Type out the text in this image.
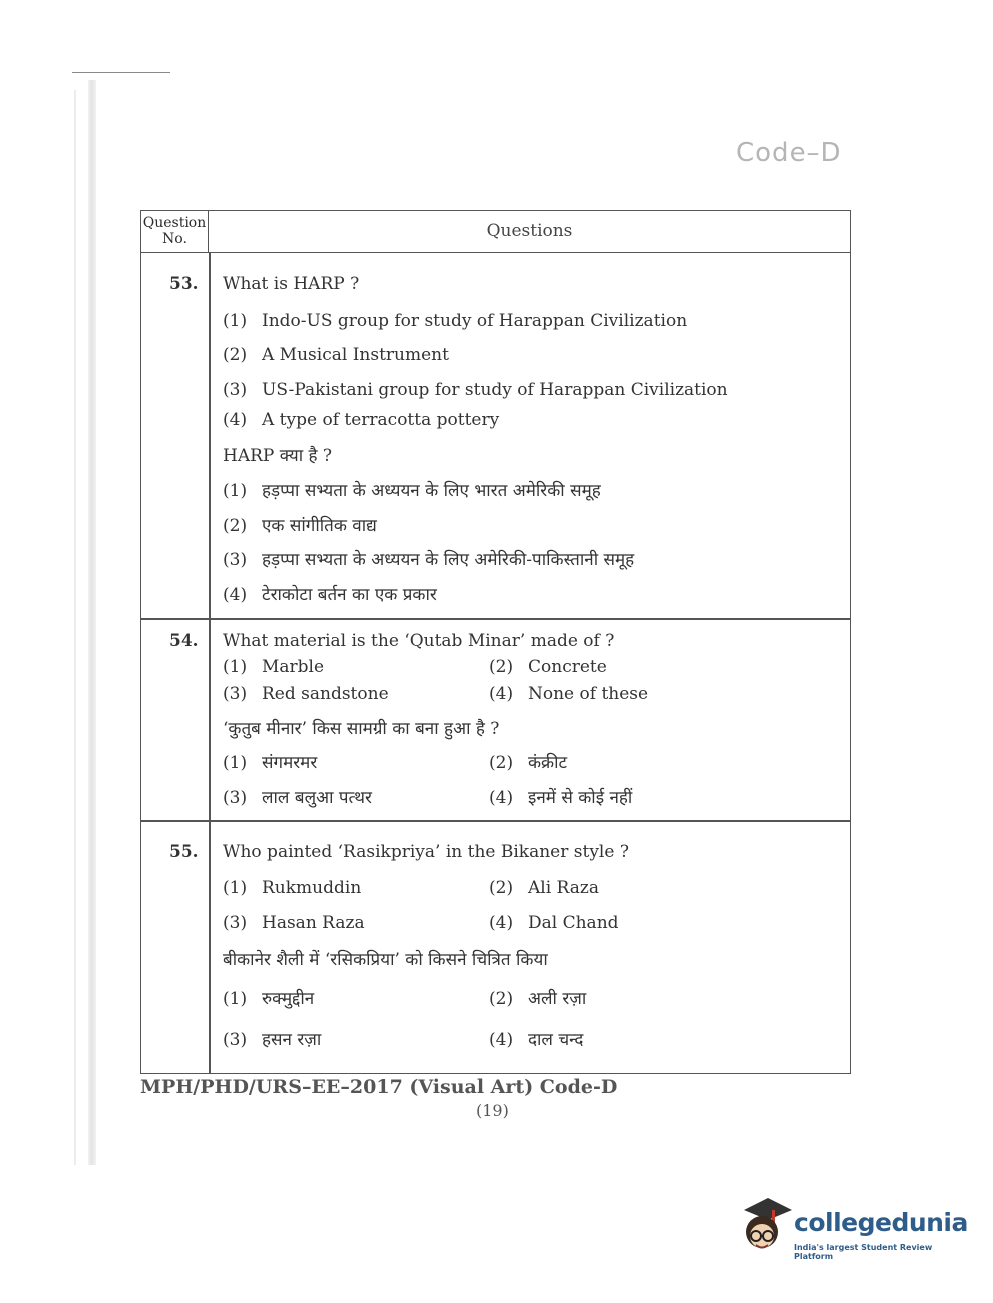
Code–D
Question No.	Questions
53. What is HARP ?
(1) Indo-US group for study of Harappan Civilization
(2) A Musical Instrument
(3) US-Pakistani group for study of Harappan Civilization
(4) A type of terracotta pottery
HARP क्या है ?
(1) हड़प्पा सभ्यता के अध्ययन के लिए भारत अमेरिकी समूह
(2) एक सांगीतिक वाद्य
(3) हड़प्पा सभ्यता के अध्ययन के लिए अमेरिकी-पाकिस्तानी समूह
(4) टेराकोटा बर्तन का एक प्रकार
54. What material is the ‘Qutab Minar’ made of ?
(1) Marble	(2) Concrete
(3) Red sandstone	(4) None of these
‘कुतुब मीनार’ किस सामग्री का बना हुआ है ?
(1) संगमरमर	(2) कंक्रीट
(3) लाल बलुआ पत्थर	(4) इनमें से कोई नहीं
55. Who painted ‘Rasikpriya’ in the Bikaner style ?
(1) Rukmuddin	(2) Ali Raza
(3) Hasan Raza	(4) Dal Chand
बीकानेर शैली में ‘रसिकप्रिया’ को किसने चित्रित किया
(1) रुक्मुद्दीन	(2) अली रज़ा
(3) हसन रज़ा	(4) दाल चन्द
MPH/PHD/URS–EE–2017 (Visual Art) Code-D
(19)
collegedunia
India's largest Student Review Platform
